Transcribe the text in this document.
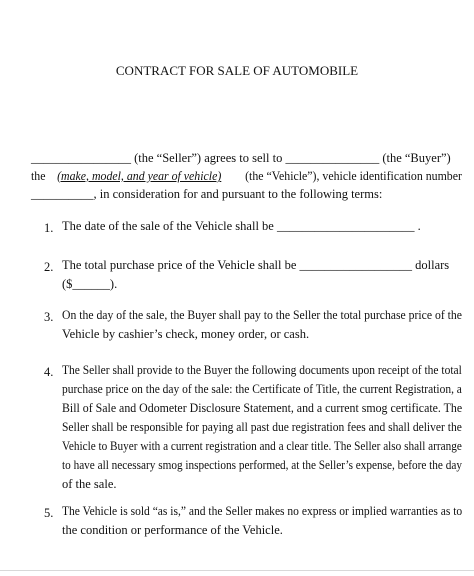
CONTRACT FOR SALE OF AUTOMOBILE
________________ (the “Seller”) agrees to sell to _______________ (the “Buyer”)
the (make, model, and year of vehicle) (the “Vehicle”), vehicle identification number
__________, in consideration for and pursuant to the following terms:
1. The date of the sale of the Vehicle shall be ______________________ .
2. The total purchase price of the Vehicle shall be __________________ dollars
($______).
3. On the day of the sale, the Buyer shall pay to the Seller the total purchase price of the
Vehicle by cashier’s check, money order, or cash.
4. The Seller shall provide to the Buyer the following documents upon receipt of the total
purchase price on the day of the sale: the Certificate of Title, the current Registration, a
Bill of Sale and Odometer Disclosure Statement, and a current smog certificate. The
Seller shall be responsible for paying all past due registration fees and shall deliver the
Vehicle to Buyer with a current registration and a clear title. The Seller also shall arrange
to have all necessary smog inspections performed, at the Seller’s expense, before the day
of the sale.
5. The Vehicle is sold “as is,” and the Seller makes no express or implied warranties as to
the condition or performance of the Vehicle.
